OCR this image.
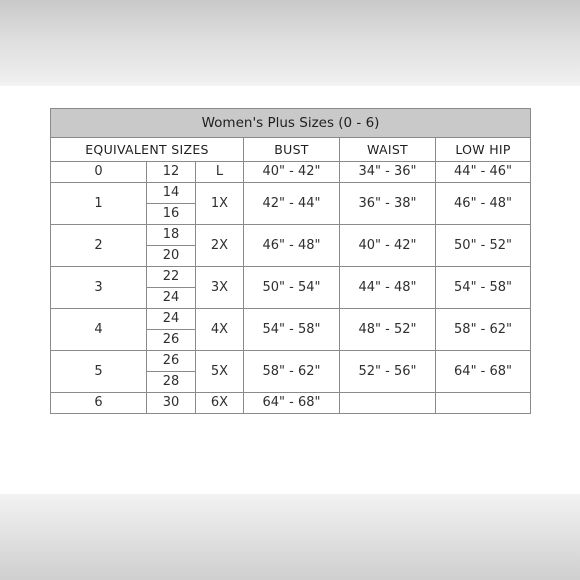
Women's Plus Sizes (0 - 6)					
EQUIVALENT SIZES			BUST	WAIST	LOW HIP
0	12	L	40" - 42"	34" - 36"	44" - 46"
1	14	1X	42" - 44"	36" - 38"	46" - 48"
	16				
2	18	2X	46" - 48"	40" - 42"	50" - 52"
	20				
3	22	3X	50" - 54"	44" - 48"	54" - 58"
	24				
4	24	4X	54" - 58"	48" - 52"	58" - 62"
	26				
5	26	5X	58" - 62"	52" - 56"	64" - 68"
	28				
6	30	6X	64" - 68"		
